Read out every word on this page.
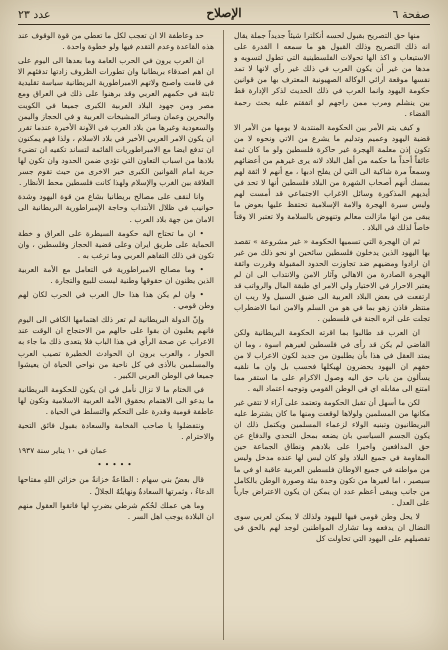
صفحة ٦
الإصلاح
عدد ٢٣

منها حق التصريح بقبول لحسه أنكلترا شيئاً جديداً جملة يقال انه ذلك التصريح وذلك القبول هو ما سمعه ا القدرة على الاستيعاب و اكذ الها تحولات الفلسطينية التي تطول لتسويه و مدها من غير أن يكون العرب في ذلك غير رأي لانها لا تمد نفسها موقعة ارائي الوكالة الصهيونية المعترف بها من قوانين حكومة اليهود وانما العرب في ذلك الحديث لذكر الإدارة قط بين ينشلم ومرب ممن راجهم لو اتفقتم عليه بحث رحمة القضاء .

و كيف يتم الأمر بين الحكومة المنتدبة لا يومها من الأمر الا قضية اليهود وعميم وتدليم ما يشرع من الاتي ونحوه لا من تكون إذن معلمة الهجرة غير حاكرة فلسطين ولو ما كان ثمة عائقاً أحداً ما حكمه من أهل البلاد لانه يرى غيرهم من أعضائهم وسمعاً مرة شاكية الى التي لن يفلح ادبها ، مع أنهم لا اثقة لهم بمسك أنهم أصحاب الشهرة من البلاد فلسطين أنها لا تحد في أيديهم المذكورة وسائل الاغراب الاجتماعي قد أمست لهم وليس سيرة الهجرة والامة الإسلامية تحتفظ عليها بعوض ما يبقى من انها مازالت معالم وتنهوض بالسلامة ولا تعتبر الا وقتاً خاصاً لذلك في البلاد .

ثم ان الهجرة التي تسميها الحكومة « غير مشروعة » تقصد بها اليهود الذين يدخلون فلسطين سائحين او نحو ذلك من غير ان ارادوا ومضيهم ضد تجاوزت الحدود المقبولة وقررت واثقة الهجرة الصادرة من الاهالي وآثار الامن والانتداب الى ان لم يعتبر الاحرار في الاختيار ولي الامر اي طبقة المال والرواتب قد ارتفعت في بعض البلاد العربية الى ضيق السبيل ولا ريب ان منتظر فاذن زهو بما في هو من السلم والامن انما الاضطراب تجلت على اثره الجنة في فلسطين .

ان العرب قد طالبوا بما اقرته الحكومة البريطانية ولكن القاضي لم يكن قد رأى في فلسطين لغيرهم اسوة ، وما ان يمتد العقل في هذا بأن يطلبون من جديد لكون الاعراب لا من حقهم ان اليهود يحضرون لهيكلها فحسب بل وان ما نلقيه يسألون من باب حق اليه وصول الاكرام على ما استقر مما امتنع الى مقابله اي في الوطن القومي وتوجيه اعتماد اليه .

لكن ما أسهل أن تقبل الحكومة وتعتمد على آراء لا تتقي غير مكانها من المسلمين ولولاها لوقعت ومنها ما كان يشترط عليه البريطانيون وتبنيه الولاء لزعماء المسلمين ويكتمل ذلك ان يكون الجسم السياسي بان يضعه بمحل التحدي والدفاع عن حق المدافعين واخيرا على بلادهم ونطاق الجماعة حين المقاومة في جميع البلاد ولو كان ليس لها عنده مدخل وليس من مواطنه في جميع الاوطان فلسطين العربية عاقبة او في ما سيصير ، اما لغيرها من تكون وحدة بيئة وصورة الوطن بالكامل من جانب ويبقى أعظم عدد ان يمكن ان يكون الاعتراض جارياً على العدل .

لا يحل وطن قومي فيها لليهود ولذلك لا يمكن لعربي سوى النضال ان يدفعه وما تشارك المواطنين لوجد لهم بالحق في تفصيلهم على اليهود التي تحاولت كل

حد وعاطفة الا ان تعجب لكل ما تعطي من قوة الوقوف عند هذه القاعدة وعدم التقدم فيها ولو خطوة واحدة .

ان العرب يرون في الحرب العامة وما بعدها الى اليوم على ان اهم اصدقاء بريطانيا وان تطورات الظروف زادتها تدفئهم الا في قامت واصبح ولاتهم الامبراطورية البريطانية سياسة تقليدية ثابتة في حكمهم العربي وقد برهنوا على ذلك في العراق ومع مصر ومن جهود البلاد العربية الكبرى جميعا في الكويت والبحرين وعمان وسائر المشيخات العربية و في الحجاز واليمن والسعودية وغيرها من بلاد العرب في الآونة الأخيرة عندما تقرر ان يكون الامر العربي الأخير في بلاد الاسلام ، ولذا فهم يمكنون ان تدفع ايضا مع الامبراطوريات القائمة لتساند تكفيه ان تضيء بلادها من اسباب التعاون التي تؤدي ضمن الحدود وان تكون لها حرية امام القوانين الكبرى خير الاخرى من حيث تقوم جسر العلاقة بين الغرب والإسلام ولهذا كانت فلسطين محط الأنظار .

وانا لنقف على مصالح بريطانيا بشاع من قوة اليهود وشدة حوانيب في ظلال الأنتداب وحاجة الإمبراطورية البريطانية الى الامان من جهة بلاد العرب .

• ان ما تحتاج اليه حكومة السيطرة على العراق و خطة الحماية على طريق ايران وعلى قضية الحجاز وفلسطين ، وان تكون في ذلك التفاهم العربي وما ترغب به .

• وما مصالح الامبراطورية في التعامل مع الأمة العربية الذين يظنون ان حقوقها وطنية ليست للبيع والتجارة .

• وان لم يكن هذا هذا حال العرب في الحرب لكان لهم وطن قومي .

وإنّ الدولة البريطانية لم تعر ذلك اهتمامها الكافي الى اليوم فانهم يغلبون ان بقوا على حالهم من الاحتجاج ان الوقت عند الاعراب عن صحة الرأي في هذا الباب فلا يتعدى ذلك ما جاء به الحوار ، والعرب يرون ان الحوادث الخطيرة تصيب العرب والمسلمين بالأذى في كل ناحية من نواحي الحياة ان يعيشوا جميعا في الوطن العربي الكبير .

في الختام ما لا نزال نأمل في ان يكون للحكومة البريطانية ما يدعو الى الاهتمام بحقوق الأمة العربية الاسلامية وتكون لها عاطفة قومية وقدرة على التحكم والتسلط في الحياة .

ونتفضلوا يا صاحب الفخامة والسعادة بقبول فائق التحية والاحترام .

عمان في ١٠ يناير سنة ١٩٣٧

•••••

قال بعضُ بني سهام : الطاعةُ خزانةٌ من خزائن اللهِ مفتاحها الدعاءُ ، وثمرتها السعادةُ ونهايتُهُ الجلالُ .

وما هي عملك لحُكمِ شرطي بضربٍ لها فاتقوا العقول منهم ان البلادة يوجب اهل السر .
